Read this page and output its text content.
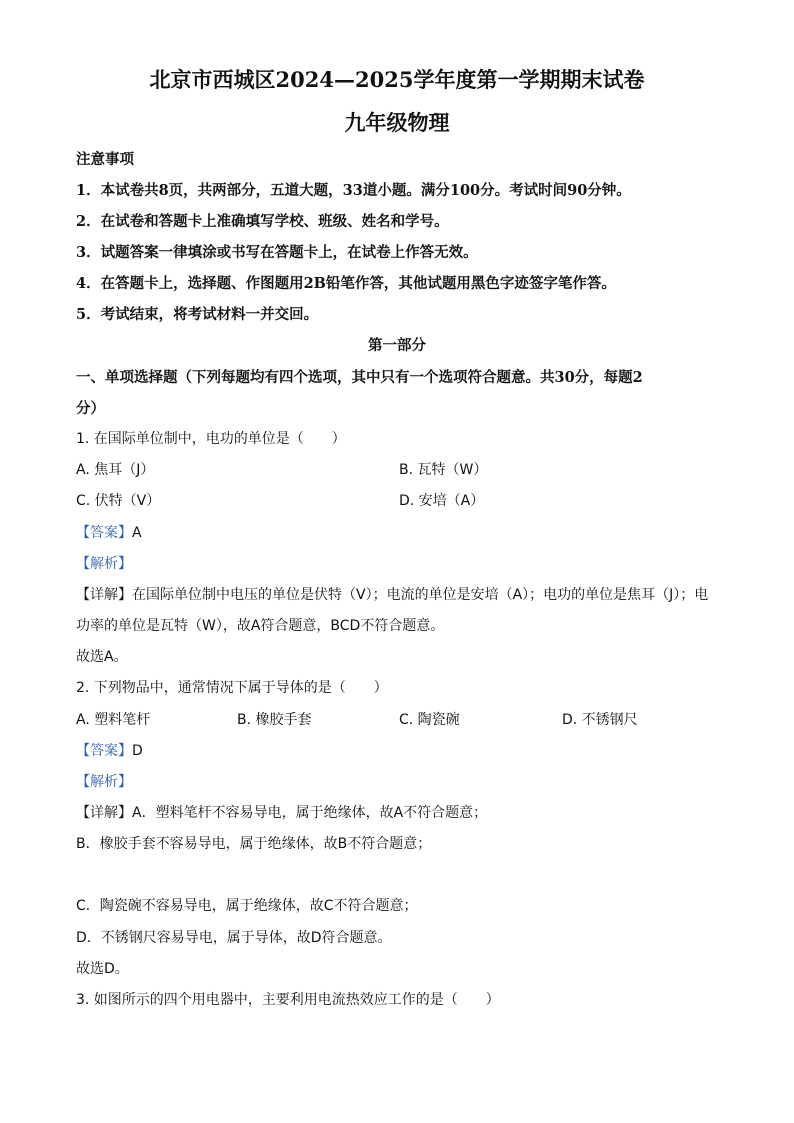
北京市西城区2024—2025学年度第一学期期末试卷
九年级物理
注意事项
1．本试卷共8页，共两部分，五道大题，33道小题。满分100分。考试时间90分钟。
2．在试卷和答题卡上准确填写学校、班级、姓名和学号。
3．试题答案一律填涂或书写在答题卡上，在试卷上作答无效。
4．在答题卡上，选择题、作图题用2B铅笔作答，其他试题用黑色字迹签字笔作答。
5．考试结束，将考试材料一并交回。
第一部分
一、单项选择题（下列每题均有四个选项，其中只有一个选项符合题意。共30分，每题2
分）
1. 在国际单位制中，电功的单位是（　　）
A. 焦耳（J）	B. 瓦特（W）
C. 伏特（V）	D. 安培（A）
【答案】A
【解析】
【详解】在国际单位制中电压的单位是伏特（V）；电流的单位是安培（A）；电功的单位是焦耳（J）；电
功率的单位是瓦特（W），故A符合题意，BCD不符合题意。
故选A。
2. 下列物品中，通常情况下属于导体的是（　　）
A. 塑料笔杆	B. 橡胶手套	C. 陶瓷碗	D. 不锈钢尺
【答案】D
【解析】
【详解】A．塑料笔杆不容易导电，属于绝缘体，故A不符合题意；
B．橡胶手套不容易导电，属于绝缘体，故B不符合题意；
C．陶瓷碗不容易导电，属于绝缘体，故C不符合题意；
D．不锈钢尺容易导电，属于导体，故D符合题意。
故选D。
3. 如图所示的四个用电器中，主要利用电流热效应工作的是（　　）
